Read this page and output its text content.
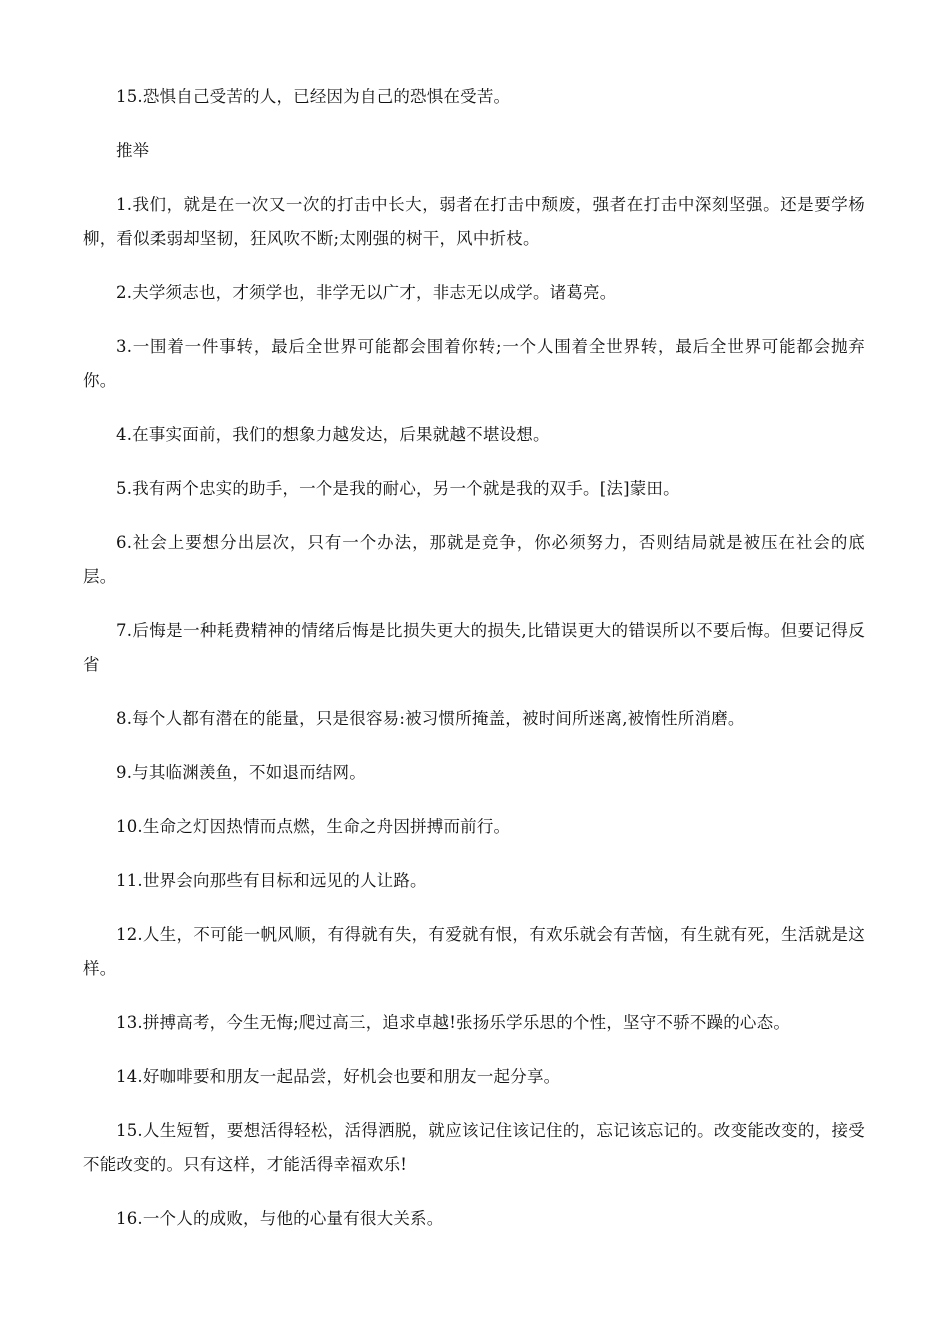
15.恐惧自己受苦的人，已经因为自己的恐惧在受苦。

推举

1.我们，就是在一次又一次的打击中长大，弱者在打击中颓废，强者在打击中深刻坚强。还是要学杨柳，看似柔弱却坚韧，狂风吹不断;太刚强的树干，风中折枝。

2.夫学须志也，才须学也，非学无以广才，非志无以成学。诸葛亮。

3.一围着一件事转，最后全世界可能都会围着你转;一个人围着全世界转，最后全世界可能都会抛弃你。

4.在事实面前，我们的想象力越发达，后果就越不堪设想。

5.我有两个忠实的助手，一个是我的耐心，另一个就是我的双手。[法]蒙田。

6.社会上要想分出层次，只有一个办法，那就是竞争，你必须努力，否则结局就是被压在社会的底层。

7.后悔是一种耗费精神的情绪后悔是比损失更大的损失,比错误更大的错误所以不要后悔。但要记得反省

8.每个人都有潜在的能量，只是很容易:被习惯所掩盖，被时间所迷离,被惰性所消磨。

9.与其临渊羡鱼，不如退而结网。

10.生命之灯因热情而点燃，生命之舟因拼搏而前行。

11.世界会向那些有目标和远见的人让路。

12.人生，不可能一帆风顺，有得就有失，有爱就有恨，有欢乐就会有苦恼，有生就有死，生活就是这样。

13.拼搏高考，今生无悔;爬过高三，追求卓越!张扬乐学乐思的个性，坚守不骄不躁的心态。

14.好咖啡要和朋友一起品尝，好机会也要和朋友一起分享。

15.人生短暂，要想活得轻松，活得洒脱，就应该记住该记住的，忘记该忘记的。改变能改变的，接受不能改变的。只有这样，才能活得幸福欢乐!

16.一个人的成败，与他的心量有很大关系。
